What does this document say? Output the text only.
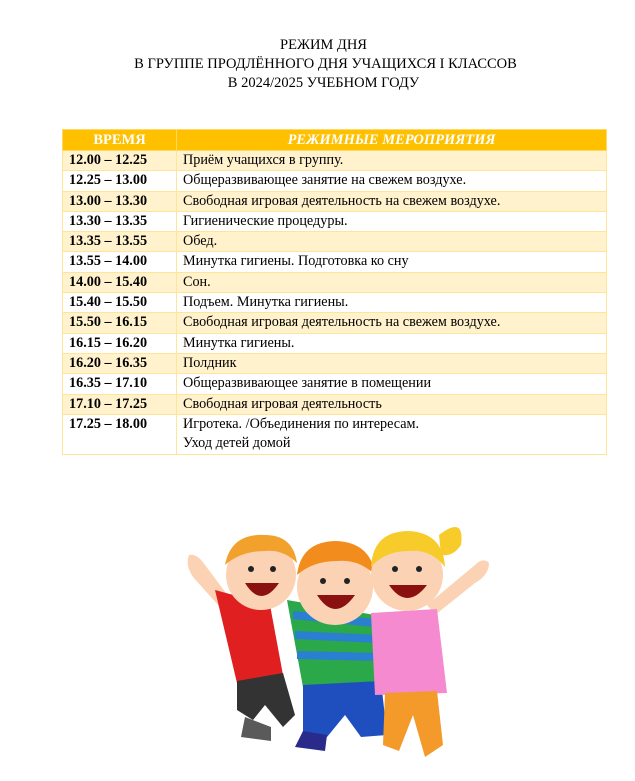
РЕЖИМ ДНЯ
В ГРУППЕ ПРОДЛЁННОГО ДНЯ УЧАЩИХСЯ I КЛАССОВ
В 2024/2025 УЧЕБНОМ ГОДУ
ВРЕМЯ	РЕЖИМНЫЕ МЕРОПРИЯТИЯ
12.00 – 12.25	Приём учащихся в группу.
12.25 – 13.00	Общеразвивающее занятие на свежем воздухе.
13.00 – 13.30	Свободная игровая деятельность на свежем воздухе.
13.30 – 13.35	Гигиенические процедуры.
13.35 – 13.55	Обед.
13.55 – 14.00	Минутка гигиены. Подготовка ко сну
14.00 – 15.40	Сон.
15.40 – 15.50	Подъем. Минутка гигиены.
15.50 – 16.15	Свободная игровая деятельность на свежем воздухе.
16.15 – 16.20	Минутка гигиены.
16.20 – 16.35	Полдник
16.35 – 17.10	Общеразвивающее занятие в помещении
17.10 – 17.25	Свободная игровая деятельность
17.25 – 18.00	Игротека. /Объединения по интересам.
Уход детей домой
